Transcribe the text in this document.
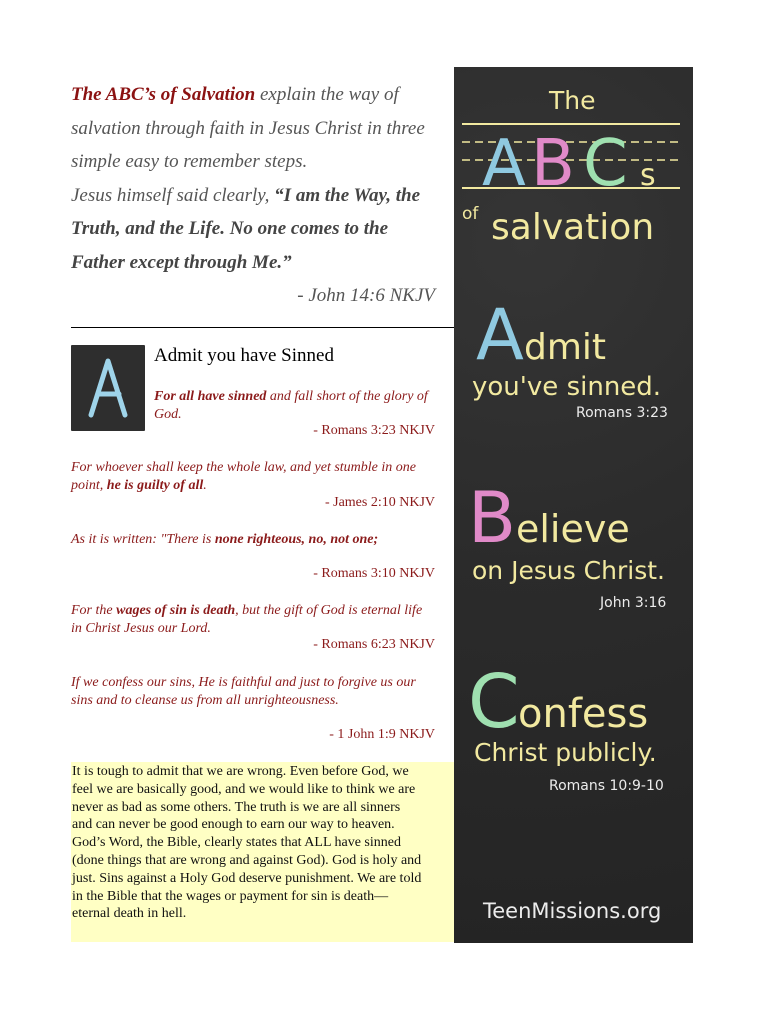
The ABC’s of Salvation explain the way of salvation through faith in Jesus Christ in three simple easy to remember steps.
Jesus himself said clearly, “I am the Way, the Truth, and the Life. No one comes to the Father except through Me.”
- John 14:6 NKJV
Admit you have Sinned
For all have sinned and fall short of the glory of God.
- Romans 3:23 NKJV
For whoever shall keep the whole law, and yet stumble in one point, he is guilty of all.
- James 2:10 NKJV
As it is written: "There is none righteous, no, not one;
- Romans 3:10 NKJV
For the wages of sin is death, but the gift of God is eternal life in Christ Jesus our Lord.
- Romans 6:23 NKJV
If we confess our sins, He is faithful and just to forgive us our sins and to cleanse us from all unrighteousness.
- 1 John 1:9 NKJV
It is tough to admit that we are wrong. Even before God, we feel we are basically good, and we would like to think we are never as bad as some others. The truth is we are all sinners and can never be good enough to earn our way to heaven. God’s Word, the Bible, clearly states that ALL have sinned (done things that are wrong and against God). God is holy and just. Sins against a Holy God deserve punishment. We are told in the Bible that the wages or payment for sin is death—eternal death in hell.
The
A B C s
of salvation
A dmit
you've sinned.
Romans 3:23
B elieve
on Jesus Christ.
John 3:16
C
onfess
Christ publicly.
Romans 10:9-10
TeenMissions.org
